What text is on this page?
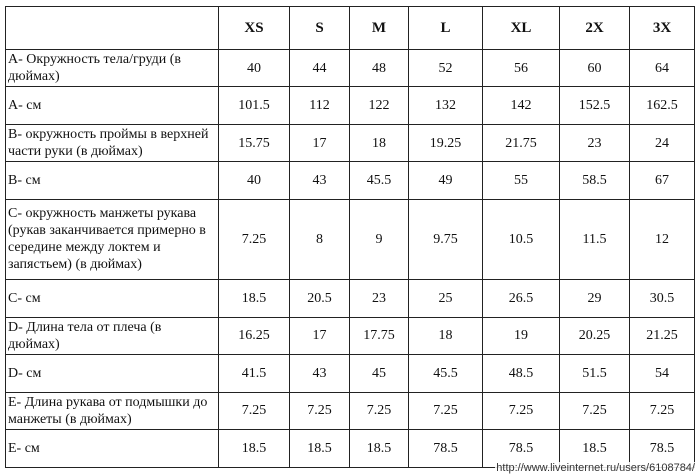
	XS	S	M	L	XL	2X	3X
A- Окружность тела/груди (в дюймах)	40	44	48	52	56	60	64
A- см	101.5	112	122	132	142	152.5	162.5
B- окружность проймы в верхней части руки (в дюймах)	15.75	17	18	19.25	21.75	23	24
B- см	40	43	45.5	49	55	58.5	67
C- окружность манжеты рукава (рукав заканчивается примерно в середине между локтем и запястьем) (в дюймах)	7.25	8	9	9.75	10.5	11.5	12
C- см	18.5	20.5	23	25	26.5	29	30.5
D- Длина тела от плеча (в дюймах)	16.25	17	17.75	18	19	20.25	21.25
D- см	41.5	43	45	45.5	48.5	51.5	54
E- Длина рукава от подмышки до манжеты (в дюймах)	7.25	7.25	7.25	7.25	7.25	7.25	7.25
E- см	18.5	18.5	18.5	78.5	78.5	18.5	78.5
http://www.liveinternet.ru/users/6108784/
